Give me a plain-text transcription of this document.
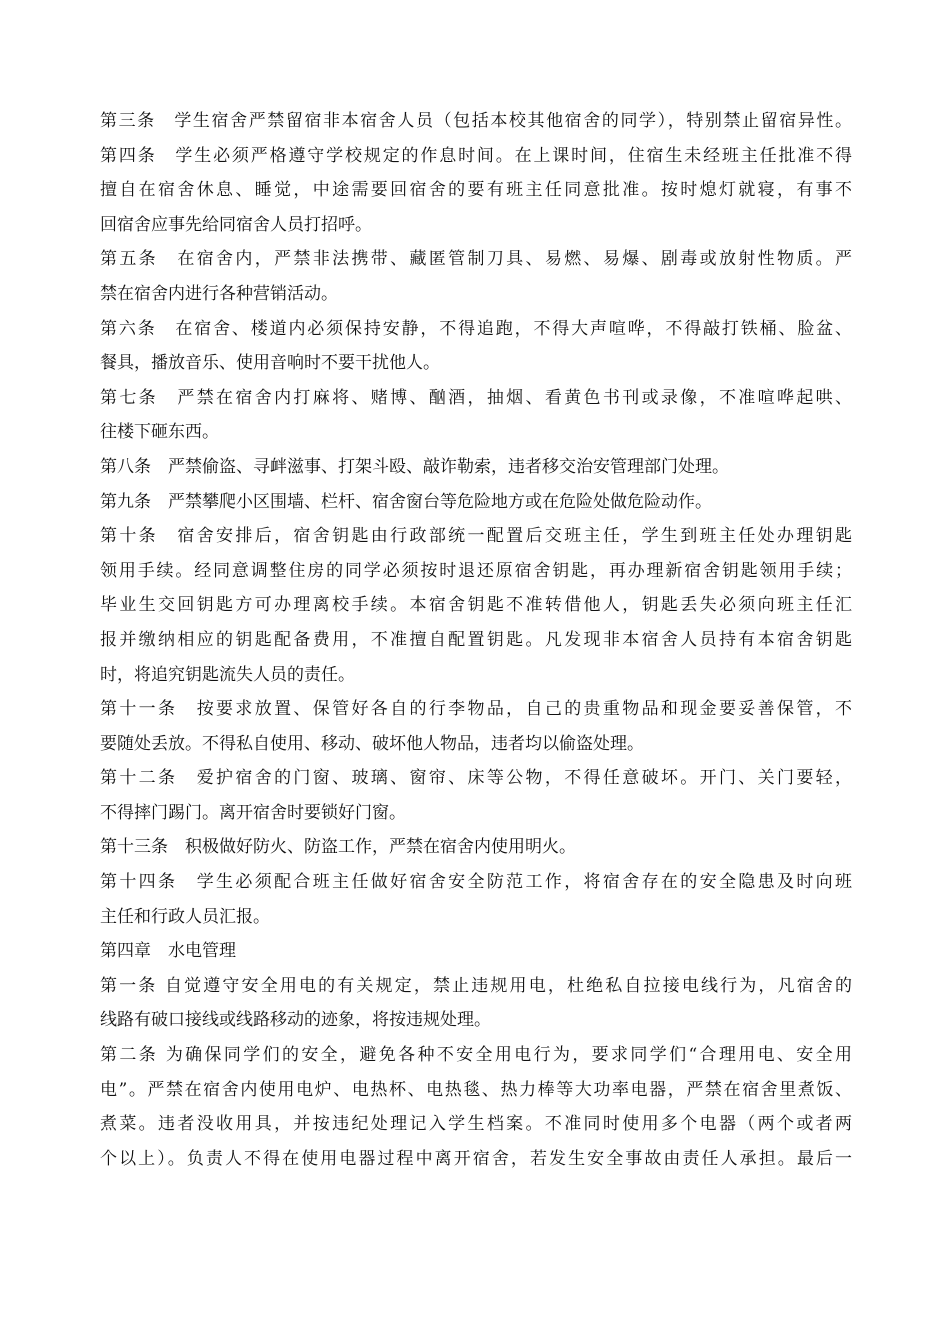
第三条　学生宿舍严禁留宿非本宿舍人员（包括本校其他宿舍的同学），特别禁止留宿异性。
第四条　学生必须严格遵守学校规定的作息时间。在上课时间，住宿生未经班主任批准不得
擅自在宿舍休息、睡觉，中途需要回宿舍的要有班主任同意批准。按时熄灯就寝，有事不
回宿舍应事先给同宿舍人员打招呼。
第五条　在宿舍内，严禁非法携带、藏匿管制刀具、易燃、易爆、剧毒或放射性物质。严
禁在宿舍内进行各种营销活动。
第六条　在宿舍、楼道内必须保持安静，不得追跑，不得大声喧哗，不得敲打铁桶、脸盆、
餐具，播放音乐、使用音响时不要干扰他人。
第七条　严禁在宿舍内打麻将、赌博、酗酒，抽烟、看黄色书刊或录像，不准喧哗起哄、
往楼下砸东西。
第八条　严禁偷盗、寻衅滋事、打架斗殴、敲诈勒索，违者移交治安管理部门处理。
第九条　严禁攀爬小区围墙、栏杆、宿舍窗台等危险地方或在危险处做危险动作。
第十条　宿舍安排后，宿舍钥匙由行政部统一配置后交班主任，学生到班主任处办理钥匙
领用手续。经同意调整住房的同学必须按时退还原宿舍钥匙，再办理新宿舍钥匙领用手续；
毕业生交回钥匙方可办理离校手续。本宿舍钥匙不准转借他人，钥匙丢失必须向班主任汇
报并缴纳相应的钥匙配备费用，不准擅自配置钥匙。凡发现非本宿舍人员持有本宿舍钥匙
时，将追究钥匙流失人员的责任。
第十一条　按要求放置、保管好各自的行李物品，自己的贵重物品和现金要妥善保管，不
要随处丢放。不得私自使用、移动、破坏他人物品，违者均以偷盗处理。
第十二条　爱护宿舍的门窗、玻璃、窗帘、床等公物，不得任意破坏。开门、关门要轻，
不得摔门踢门。离开宿舍时要锁好门窗。
第十三条　积极做好防火、防盗工作，严禁在宿舍内使用明火。
第十四条　学生必须配合班主任做好宿舍安全防范工作，将宿舍存在的安全隐患及时向班
主任和行政人员汇报。
第四章　水电管理
第一条 自觉遵守安全用电的有关规定，禁止违规用电，杜绝私自拉接电线行为，凡宿舍的
线路有破口接线或线路移动的迹象，将按违规处理。
第二条 为确保同学们的安全，避免各种不安全用电行为，要求同学们“合理用电、安全用
电”。严禁在宿舍内使用电炉、电热杯、电热毯、热力棒等大功率电器，严禁在宿舍里煮饭、
煮菜。违者没收用具，并按违纪处理记入学生档案。不准同时使用多个电器（两个或者两
个以上）。负责人不得在使用电器过程中离开宿舍，若发生安全事故由责任人承担。最后一
